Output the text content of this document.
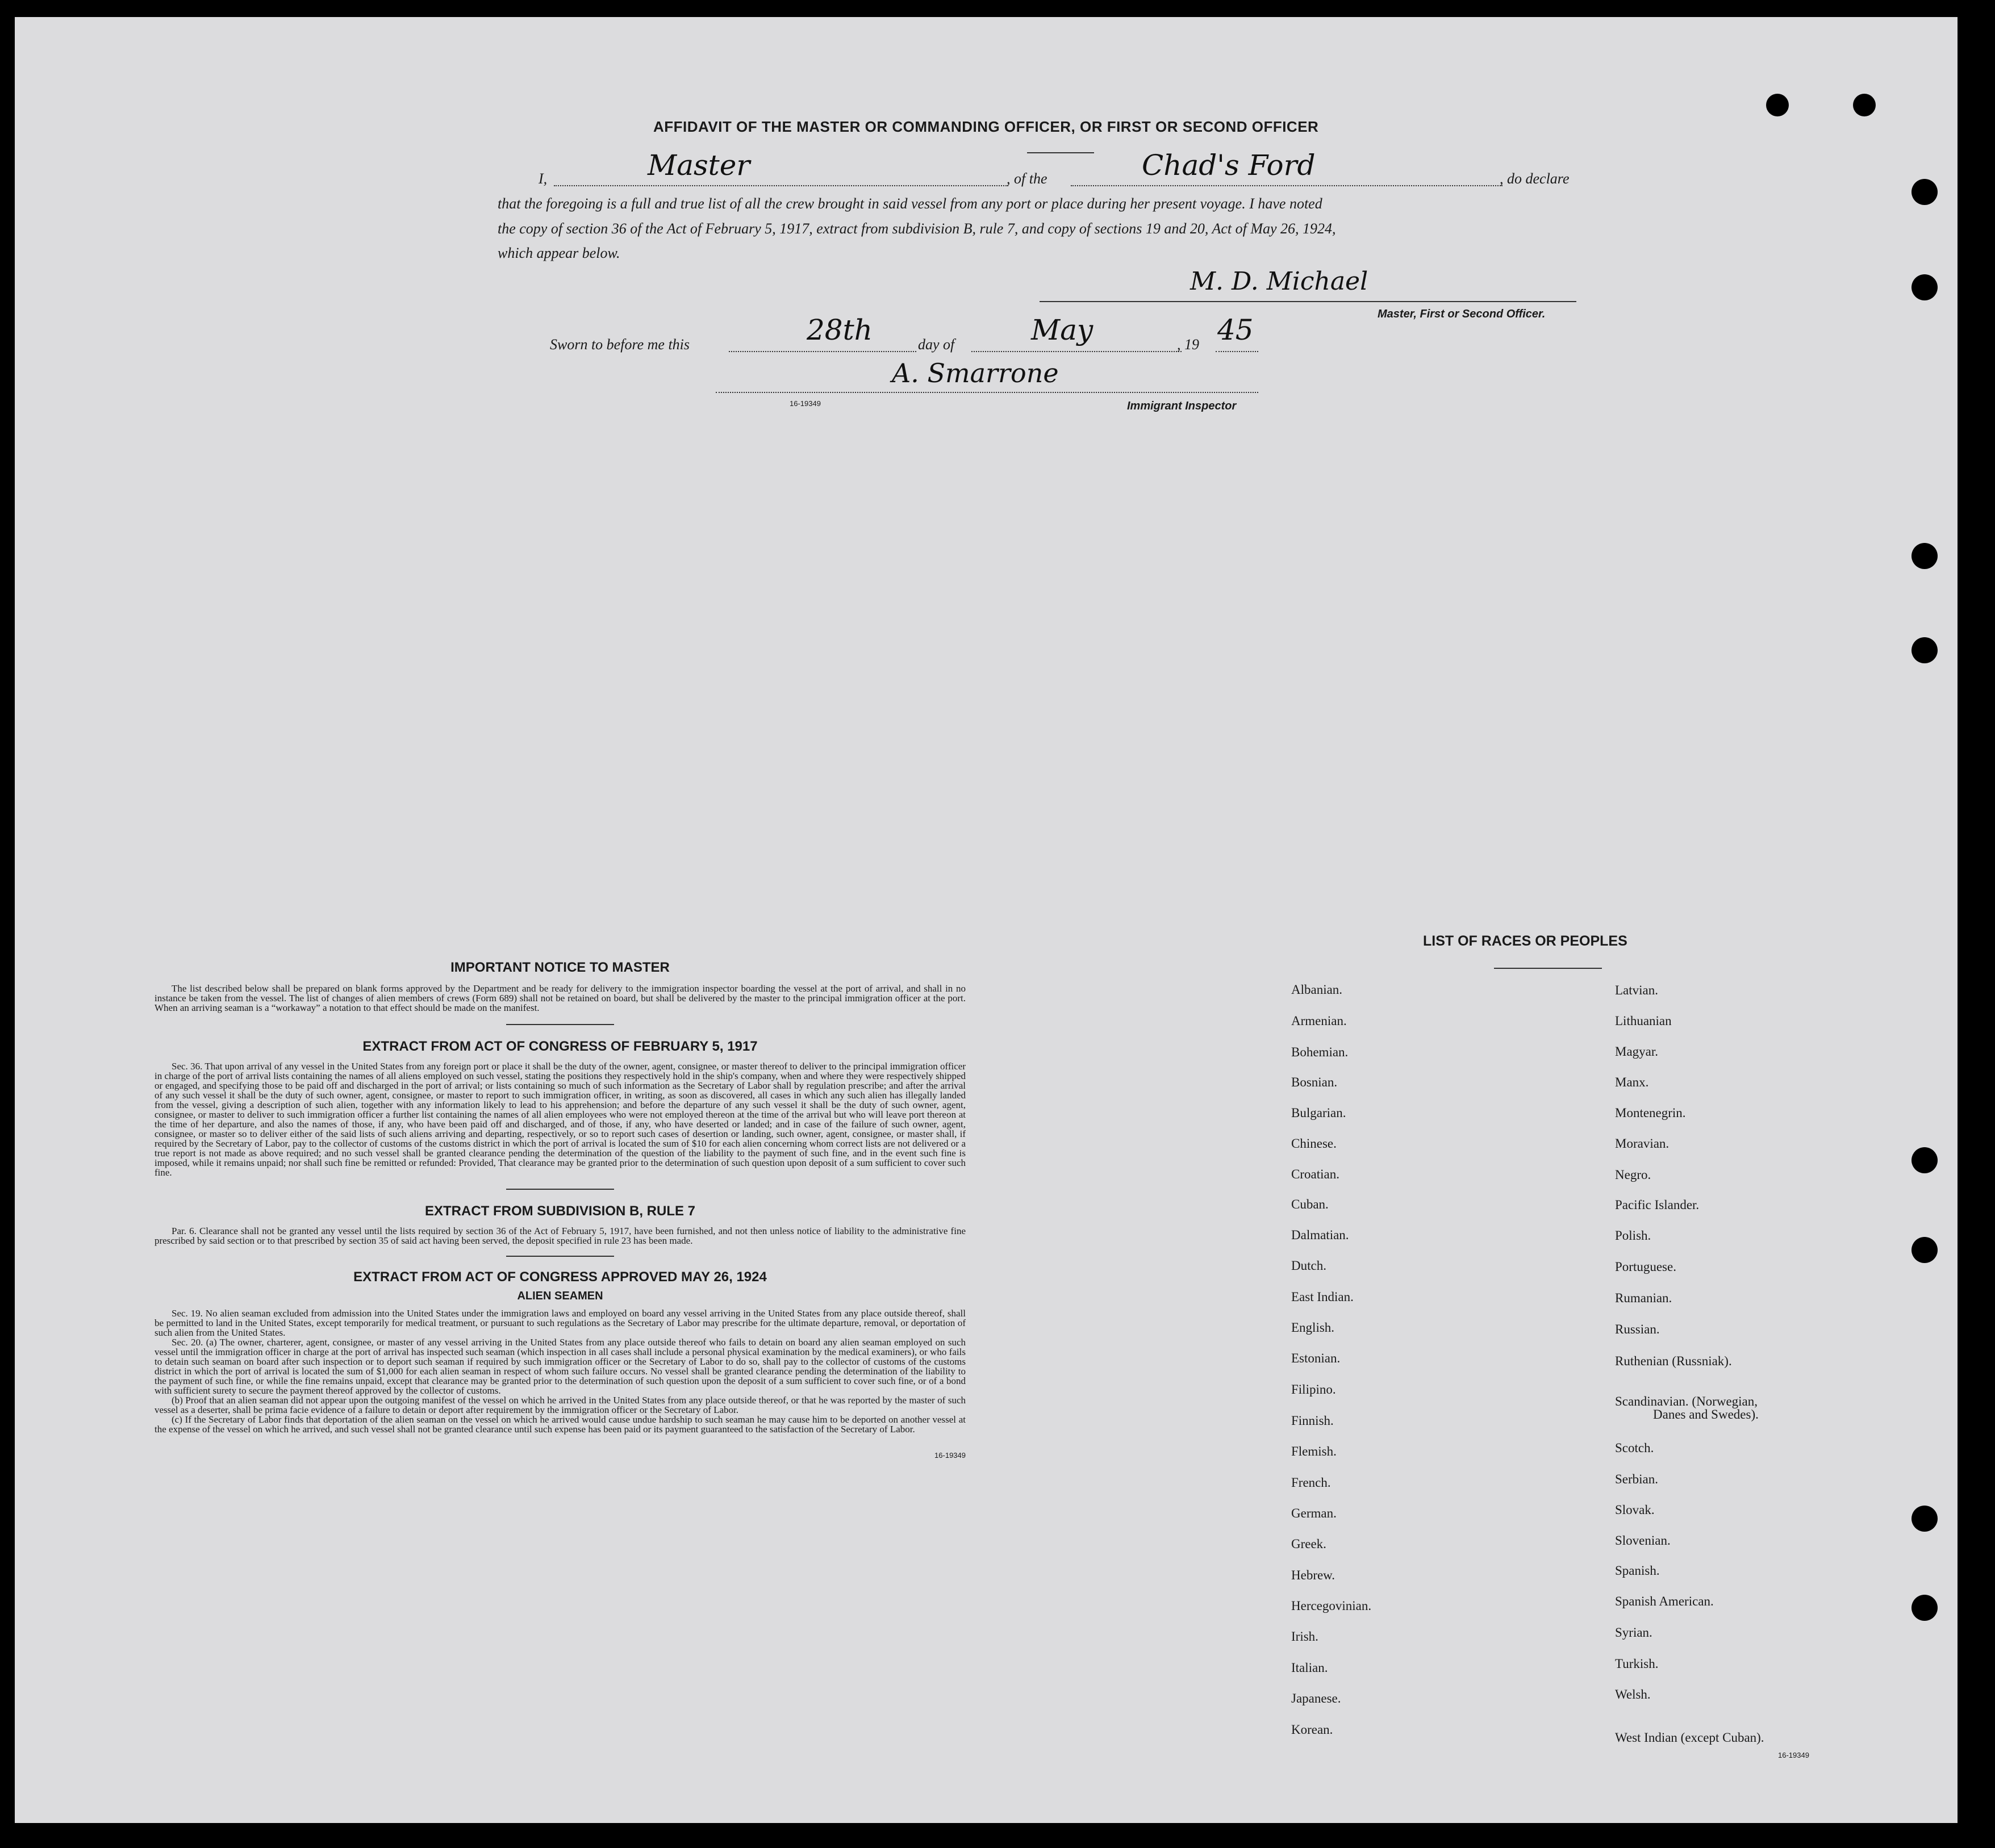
AFFIDAVIT OF THE MASTER OR COMMANDING OFFICER, OR FIRST OR SECOND OFFICER
I,	Master	, of the	Chad's Ford	, do declare
that the foregoing is a full and true list of all the crew brought in said vessel from any port or place during her present voyage. I have noted
the copy of section 36 of the Act of February 5, 1917, extract from subdivision B, rule 7, and copy of sections 19 and 20, Act of May 26, 1924,
which appear below.
M. D. Michael
Master, First or Second Officer.
Sworn to before me this	28th	day of	May	, 19 45
A. Smarrone
16-19349	Immigrant Inspector
IMPORTANT NOTICE TO MASTER

The list described below shall be prepared on blank forms approved by the Department and be ready for delivery to the immigration inspector boarding the vessel at the port of arrival, and shall in no instance be taken from the vessel. The list of changes of alien members of crews (Form 689) shall not be retained on board, but shall be delivered by the master to the principal immigration officer at the port. When an arriving seaman is a “workaway” a notation to that effect should be made on the manifest.

EXTRACT FROM ACT OF CONGRESS OF FEBRUARY 5, 1917

Sec. 36. That upon arrival of any vessel in the United States from any foreign port or place it shall be the duty of the owner, agent, consignee, or master thereof to deliver to the principal immigration officer in charge of the port of arrival lists containing the names of all aliens employed on such vessel, stating the positions they respectively hold in the ship's company, when and where they were respectively shipped or engaged, and specifying those to be paid off and discharged in the port of arrival; or lists containing so much of such information as the Secretary of Labor shall by regulation prescribe; and after the arrival of any such vessel it shall be the duty of such owner, agent, consignee, or master to report to such immigration officer, in writing, as soon as discovered, all cases in which any such alien has illegally landed from the vessel, giving a description of such alien, together with any information likely to lead to his apprehension; and before the departure of any such vessel it shall be the duty of such owner, agent, consignee, or master to deliver to such immigration officer a further list containing the names of all alien employees who were not employed thereon at the time of the arrival but who will leave port thereon at the time of her departure, and also the names of those, if any, who have been paid off and discharged, and of those, if any, who have deserted or landed; and in case of the failure of such owner, agent, consignee, or master so to deliver either of the said lists of such aliens arriving and departing, respectively, or so to report such cases of desertion or landing, such owner, agent, consignee, or master shall, if required by the Secretary of Labor, pay to the collector of customs of the customs district in which the port of arrival is located the sum of $10 for each alien concerning whom correct lists are not delivered or a true report is not made as above required; and no such vessel shall be granted clearance pending the determination of the question of the liability to the payment of such fine, and in the event such fine is imposed, while it remains unpaid; nor shall such fine be remitted or refunded: Provided, That clearance may be granted prior to the determination of such question upon deposit of a sum sufficient to cover such fine.

EXTRACT FROM SUBDIVISION B, RULE 7

Par. 6. Clearance shall not be granted any vessel until the lists required by section 36 of the Act of February 5, 1917, have been furnished, and not then unless notice of liability to the administrative fine prescribed by said section or to that prescribed by section 35 of said act having been served, the deposit specified in rule 23 has been made.

EXTRACT FROM ACT OF CONGRESS APPROVED MAY 26, 1924
ALIEN SEAMEN

Sec. 19. No alien seaman excluded from admission into the United States under the immigration laws and employed on board any vessel arriving in the United States from any place outside thereof, shall be permitted to land in the United States, except temporarily for medical treatment, or pursuant to such regulations as the Secretary of Labor may prescribe for the ultimate departure, removal, or deportation of such alien from the United States.

Sec. 20. (a) The owner, charterer, agent, consignee, or master of any vessel arriving in the United States from any place outside thereof who fails to detain on board any alien seaman employed on such vessel until the immigration officer in charge at the port of arrival has inspected such seaman (which inspection in all cases shall include a personal physical examination by the medical examiners), or who fails to detain such seaman on board after such inspection or to deport such seaman if required by such immigration officer or the Secretary of Labor to do so, shall pay to the collector of customs of the customs district in which the port of arrival is located the sum of $1,000 for each alien seaman in respect of whom such failure occurs. No vessel shall be granted clearance pending the determination of the liability to the payment of such fine, or while the fine remains unpaid, except that clearance may be granted prior to the determination of such question upon the deposit of a sum sufficient to cover such fine, or of a bond with sufficient surety to secure the payment thereof approved by the collector of customs.

(b) Proof that an alien seaman did not appear upon the outgoing manifest of the vessel on which he arrived in the United States from any place outside thereof, or that he was reported by the master of such vessel as a deserter, shall be prima facie evidence of a failure to detain or deport after requirement by the immigration officer or the Secretary of Labor.

(c) If the Secretary of Labor finds that deportation of the alien seaman on the vessel on which he arrived would cause undue hardship to such seaman he may cause him to be deported on another vessel at the expense of the vessel on which he arrived, and such vessel shall not be granted clearance until such expense has been paid or its payment guaranteed to the satisfaction of the Secretary of Labor.

16-19349
LIST OF RACES OR PEOPLES
Albanian.
Armenian.
Bohemian.
Bosnian.
Bulgarian.
Chinese.
Croatian.
Cuban.
Dalmatian.
Dutch.
East Indian.
English.
Estonian.
Filipino.
Finnish.
Flemish.
French.
German.
Greek.
Hebrew.
Hercegovinian.
Irish.
Italian.
Japanese.
Korean.
Latvian.
Lithuanian
Magyar.
Manx.
Montenegrin.
Moravian.
Negro.
Pacific Islander.
Polish.
Portuguese.
Rumanian.
Russian.
Ruthenian (Russniak).
Scandinavian. (Norwegian,
Scotch.
Serbian.
Slovak.
Slovenian.
Spanish.
Spanish American.
Syrian.
Turkish.
Welsh.
West Indian (except Cuban).
Danes and Swedes).
16-19349
